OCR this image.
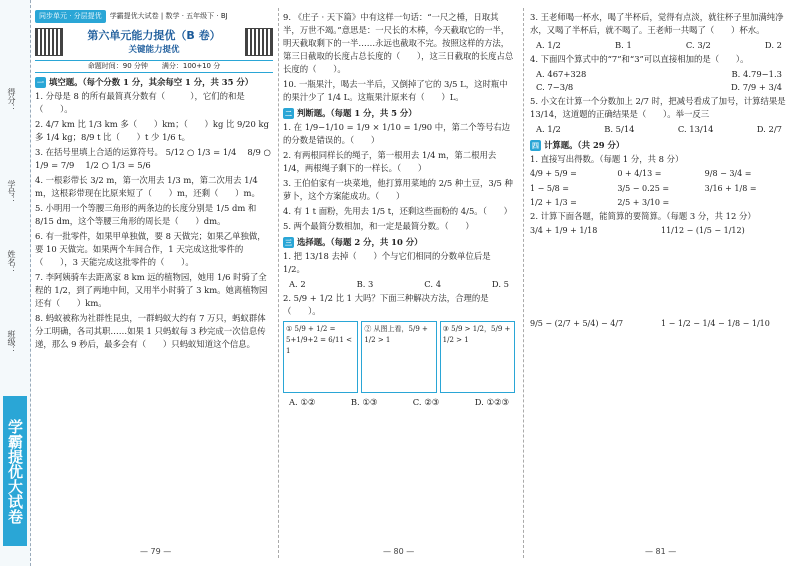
得分：
学号：
姓名：
班级：
学霸提优大试卷
同步单元 · 分层提优	学霸提优大试卷 | 数学 · 五年级下 · BJ
第六单元能力提优（B 卷）
关键能力提优
命题时间：90 分钟　　满分：100+10 分
一 填空题。（每个分数 1 分，其余每空 1 分，共 35 分）
1. 分母是 8 的所有最简真分数有（　　　），它们的和是（　　）。
2. 4/7 km 比 1/3 km 多（　　）km；（　　）kg 比 9/20 kg 多 1/4 kg；8/9 t 比（　　）t 少 1/6 t。
3. 在括号里填上合适的运算符号。 5/12 ○ 1/3 = 1/4　 8/9 ○ 1/9 = 7/9　 1/2 ○ 1/3 = 5/6
4. 一根彩带长 3/2 m，第一次用去 1/3 m，第二次用去 1/4 m，这根彩带现在比原来短了（　　）m，还剩（　　）m。
5. 小明用一个等腰三角形的两条边的长度分别是 1/5 dm 和 8/15 dm，这个等腰三角形的周长是（　　）dm。
6. 有一批零件，如果甲单独做，要 8 天做完；如果乙单独做，要 10 天做完。如果两个车间合作，1 天完成这批零件的（　　），3 天能完成这批零件的（　　）。
7. 李阿姨骑车去距离家 8 km 远的植物园，她用 1/6 时骑了全程的 1/2，到了两地中间，又用半小时骑了 3 km。她离植物园还有（　　）km。
8. 蚂蚁被称为社群性昆虫，一群蚂蚁大约有 7 万只，蚂蚁群体分工明确，各司其职……如果 1 只蚂蚁每 3 秒完成一次信息传递，那么 9 秒后，最多会有（　　）只蚂蚁知道这个信息。
— 79 —
9. 《庄子 · 天下篇》中有这样一句话：“一尺之棰，日取其半，万世不竭。”意思是：一尺长的木棒，今天截取它的一半，明天截取剩下的一半……永远也截取不完。按照这样的方法，第三日截取的长度占总长度的（　　），这三日截取的长度占总长度的（　　）。
10. 一瓶果汁，喝去一半后，又倒掉了它的 3/5 L，这时瓶中的果汁少了 1/4 L。这瓶果汁原来有（　　）L。
二 判断题。（每题 1 分，共 5 分）
1. 在 1/9−1/10 = 1/9 × 1/10 = 1/90 中，第二个等号右边的分数是错误的。（　　）
2. 有两根同样长的绳子，第一根用去 1/4 m，第二根用去 1/4，两根绳子剩下的一样长。（　　）
3. 王伯伯家有一块菜地，他打算用菜地的 2/5 种土豆，3/5 种萝卜，这个方案能成功。（　　）
4. 有 1 t 面粉，先用去 1/5 t，还剩这些面粉的 4/5。（　　）
5. 两个最简分数相加，和一定是最简分数。（　　）
三 选择题。（每题 2 分，共 10 分）
1. 把 13/18 去掉（　　）个与它们相同的分数单位后是 1/2。
A. 2	B. 3	C. 4	D. 5
2. 5/9 + 1/2 比 1 大吗？下面三种解决方法，合理的是（　　）。
① 5/9 + 1/2 = 5+1/9+2 = 6/11 < 1
② 从图上看，5/9 + 1/2 > 1
③ 5/9 > 1/2，5/9 + 1/2 > 1
A. ①②	B. ①③	C. ②③	D. ①②③
— 80 —
3. 王老师喝一杯水，喝了半杯后，觉得有点淡，就往杯子里加满纯净水，又喝了半杯后，就不喝了。王老师一共喝了（　　）杯水。
A. 1/2	B. 1	C. 3/2	D. 2
4. 下面四个算式中的“7”和“3”可以直接相加的是（　　）。
A. 467+328	B. 4.79−1.3
C. 7−3/8	D. 7/9 + 3/4
5. 小文在计算一个分数加上 2/7 时，把减号看成了加号，计算结果是 13/14，这道题的正确结果是（　　）。举一反三
A. 1/2	B. 5/14	C. 13/14	D. 2/7
四 计算题。（共 29 分）
1. 直接写出得数。（每题 1 分，共 8 分）
4/9 + 5/9 =	0 + 4/13 =	9/8 − 3/4 =
1 − 5/8 =	3/5 − 0.25 =	3/16 + 1/8 =
1/2 + 1/3 =	2/5 + 3/10 =
2. 计算下面各题，能简算的要简算。（每题 3 分，共 12 分）
3/4 + 1/9 + 1/18	11/12 − (1/5 − 1/12)
9/5 − (2/7 + 5/4) − 4/7	1 − 1/2 − 1/4 − 1/8 − 1/10
— 81 —
